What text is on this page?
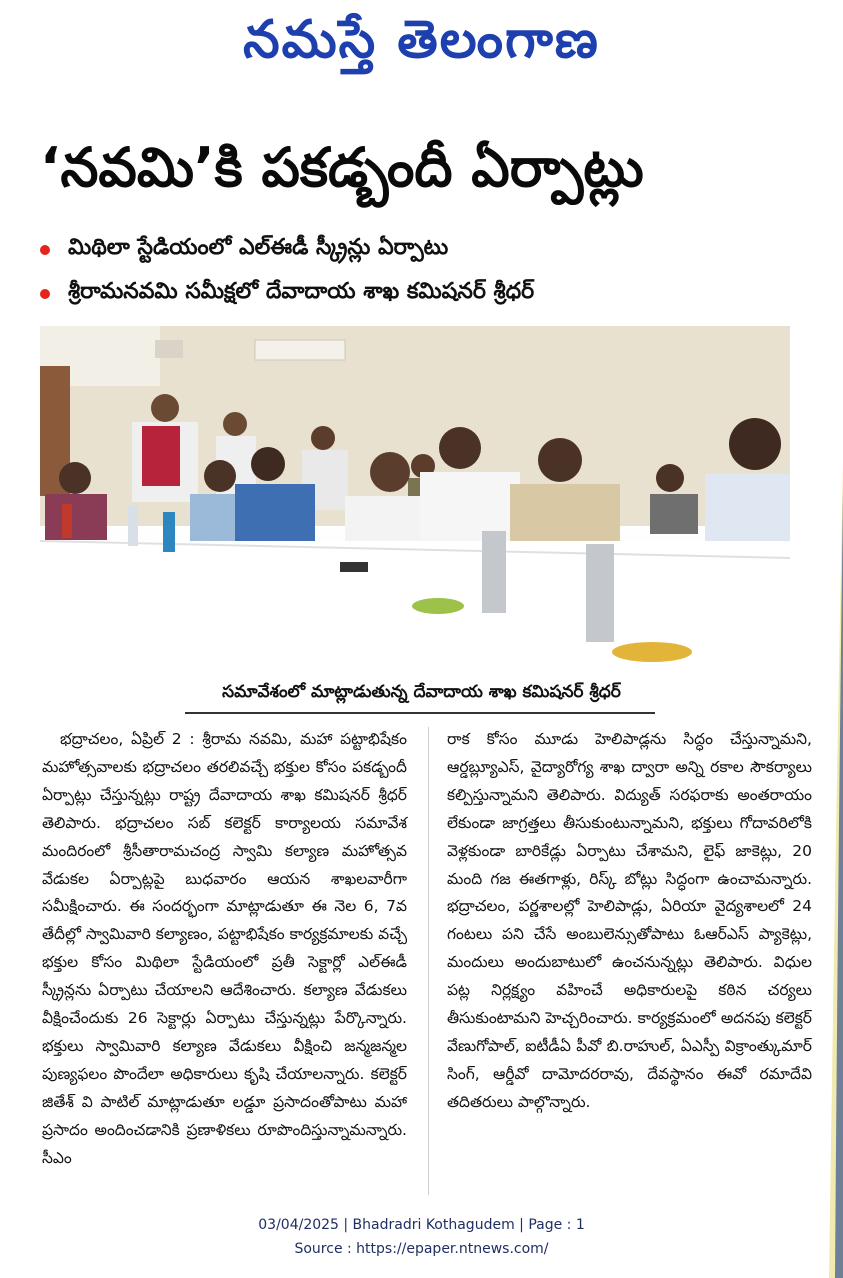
నమస్తే తెలంగాణ
‘నవమి’కి పకడ్బందీ ఏర్పాట్లు
మిథిలా స్టేడియంలో ఎల్ఈడీ స్క్రీన్లు ఏర్పాటు
శ్రీరామనవమి సమీక్షలో దేవాదాయ శాఖ కమిషనర్ శ్రీధర్
సమావేశంలో మాట్లాడుతున్న దేవాదాయ శాఖ కమిషనర్ శ్రీధర్
భద్రాచలం, ఏప్రిల్ 2 : శ్రీరామ నవమి, మహా పట్టాభిషేకం మహోత్సవాలకు భద్రాచలం తరలివచ్చే భక్తుల కోసం పకడ్బందీ ఏర్పాట్లు చేస్తున్నట్లు రాష్ట్ర దేవాదాయ శాఖ కమిషనర్ శ్రీధర్ తెలిపారు. భద్రాచలం సబ్ కలెక్టర్ కార్యాలయ సమావేశ మందిరంలో శ్రీసీతారామచంద్ర స్వామి కల్యాణ మహోత్సవ వేడుకల ఏర్పాట్లపై బుధవారం ఆయన శాఖలవారీగా సమీక్షించారు. ఈ సందర్భంగా మాట్లాడుతూ ఈ నెల 6, 7వ తేదీల్లో స్వామివారి కల్యాణం, పట్టాభిషేకం కార్యక్రమాలకు వచ్చే భక్తుల కోసం మిథిలా స్టేడియంలో ప్రతీ సెక్టార్లో ఎల్ఈడీ స్క్రీన్లను ఏర్పాటు చేయాలని ఆదేశించారు. కల్యాణ వేడుకలు వీక్షించేందుకు 26 సెక్టార్లు ఏర్పాటు చేస్తున్నట్లు పేర్కొన్నారు. భక్తులు స్వామివారి కల్యాణ వేడుకలు వీక్షించి జన్మజన్మల పుణ్యఫలం పొందేలా అధికారులు కృషి చేయాలన్నారు. కలెక్టర్ జితేశ్ వి పాటిల్ మాట్లాడుతూ లడ్డూ ప్రసాదంతోపాటు మహా ప్రసాదం అందించడానికి ప్రణాళికలు రూపొందిస్తున్నామన్నారు. సీఎం
రాక కోసం మూడు హెలిపాడ్లను సిద్ధం చేస్తున్నామని, ఆర్డబ్ల్యూఎస్, వైద్యారోగ్య శాఖ ద్వారా అన్ని రకాల సౌకర్యాలు కల్పిస్తున్నామని తెలిపారు. విద్యుత్ సరఫరాకు అంతరాయం లేకుండా జాగ్రత్తలు తీసుకుంటున్నామని, భక్తులు గోదావరిలోకి వెళ్లకుండా బారికేడ్లు ఏర్పాటు చేశామని, లైఫ్ జాకెట్లు, 20 మంది గజ ఈతగాళ్లు, రిస్క్ బోట్లు సిద్ధంగా ఉంచామన్నారు. భద్రాచలం, పర్ణశాలల్లో హెలిపాడ్లు, ఏరియా వైద్యశాలలో 24 గంటలు పని చేసే అంబులెన్సుతోపాటు ఓఆర్ఎస్ ప్యాకెట్లు, మందులు అందుబాటులో ఉంచనున్నట్లు తెలిపారు. విధుల పట్ల నిర్లక్ష్యం వహించే అధికారులపై కఠిన చర్యలు తీసుకుంటామని హెచ్చరించారు. కార్యక్రమంలో అదనపు కలెక్టర్ వేణుగోపాల్, ఐటీడీఏ పీవో బి.రాహుల్, ఏఎస్పీ విక్రాంత్కుమార్ సింగ్, ఆర్డీవో దామోదరరావు, దేవస్థానం ఈవో రమాదేవి తదితరులు పాల్గొన్నారు.
03/04/2025 | Bhadradri Kothagudem | Page : 1
Source : https://epaper.ntnews.com/
